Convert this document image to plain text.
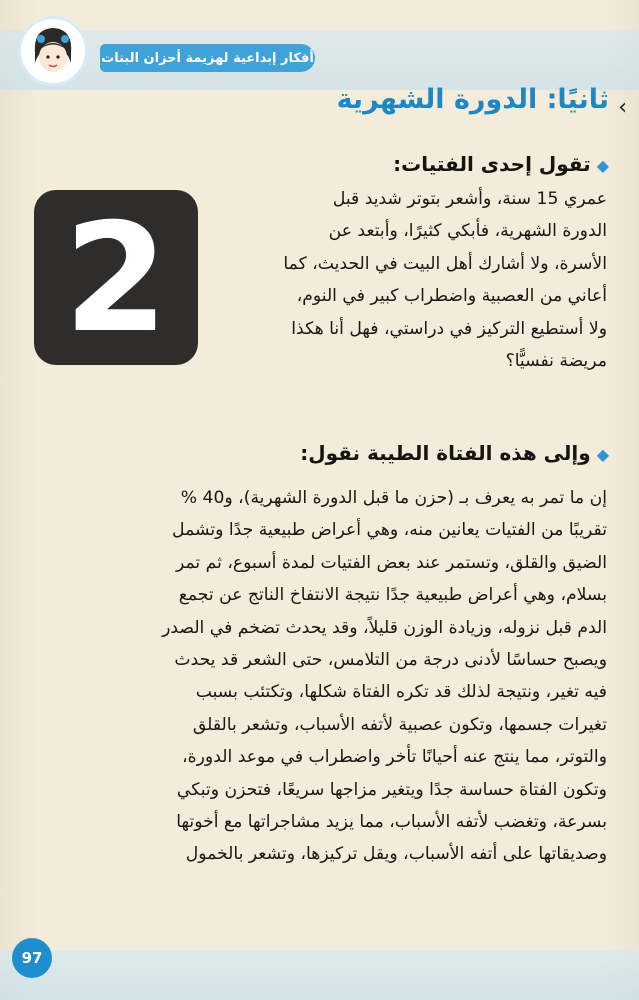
أفكار إبداعية لهزيمة أحزان البنات
ثانيًا: الدورة الشهرية ‹
◆تقول إحدى الفتيات:
2	عمري 15 سنة، وأشعر بتوتر شديد قبل
الدورة الشهرية، فأبكي كثيرًا، وأبتعد عن
الأسرة، ولا أشارك أهل البيت في الحديث، كما
أعاني من العصبية واضطراب كبير في النوم،
ولا أستطيع التركيز في دراستي، فهل أنا هكذا
مريضة نفسيًّا؟
◆وإلى هذه الفتاة الطيبة نقول:
إن ما تمر به يعرف بـ (حزن ما قبل الدورة الشهرية)، و40 %
تقريبًا من الفتيات يعانين منه، وهي أعراض طبيعية جدًا وتشمل
الضيق والقلق، وتستمر عند بعض الفتيات لمدة أسبوع، ثم تمر
بسلام، وهي أعراض طبيعية جدًا نتيجة الانتفاخ الناتج عن تجمع
الدم قبل نزوله، وزيادة الوزن قليلاً، وقد يحدث تضخم في الصدر
ويصبح حساسًا لأدنى درجة من التلامس، حتى الشعر قد يحدث
فيه تغير، ونتيجة لذلك قد تكره الفتاة شكلها، وتكتئب بسبب
تغيرات جسمها، وتكون عصبية لأتفه الأسباب، وتشعر بالقلق
والتوتر، مما ينتج عنه أحيانًا تأخر واضطراب في موعد الدورة،
وتكون الفتاة حساسة جدًا ويتغير مزاجها سريعًا، فتحزن وتبكي
بسرعة، وتغضب لأتفه الأسباب، مما يزيد مشاجراتها مع أخوتها
وصديقاتها على أتفه الأسباب، ويقل تركيزها، وتشعر بالخمول
97
